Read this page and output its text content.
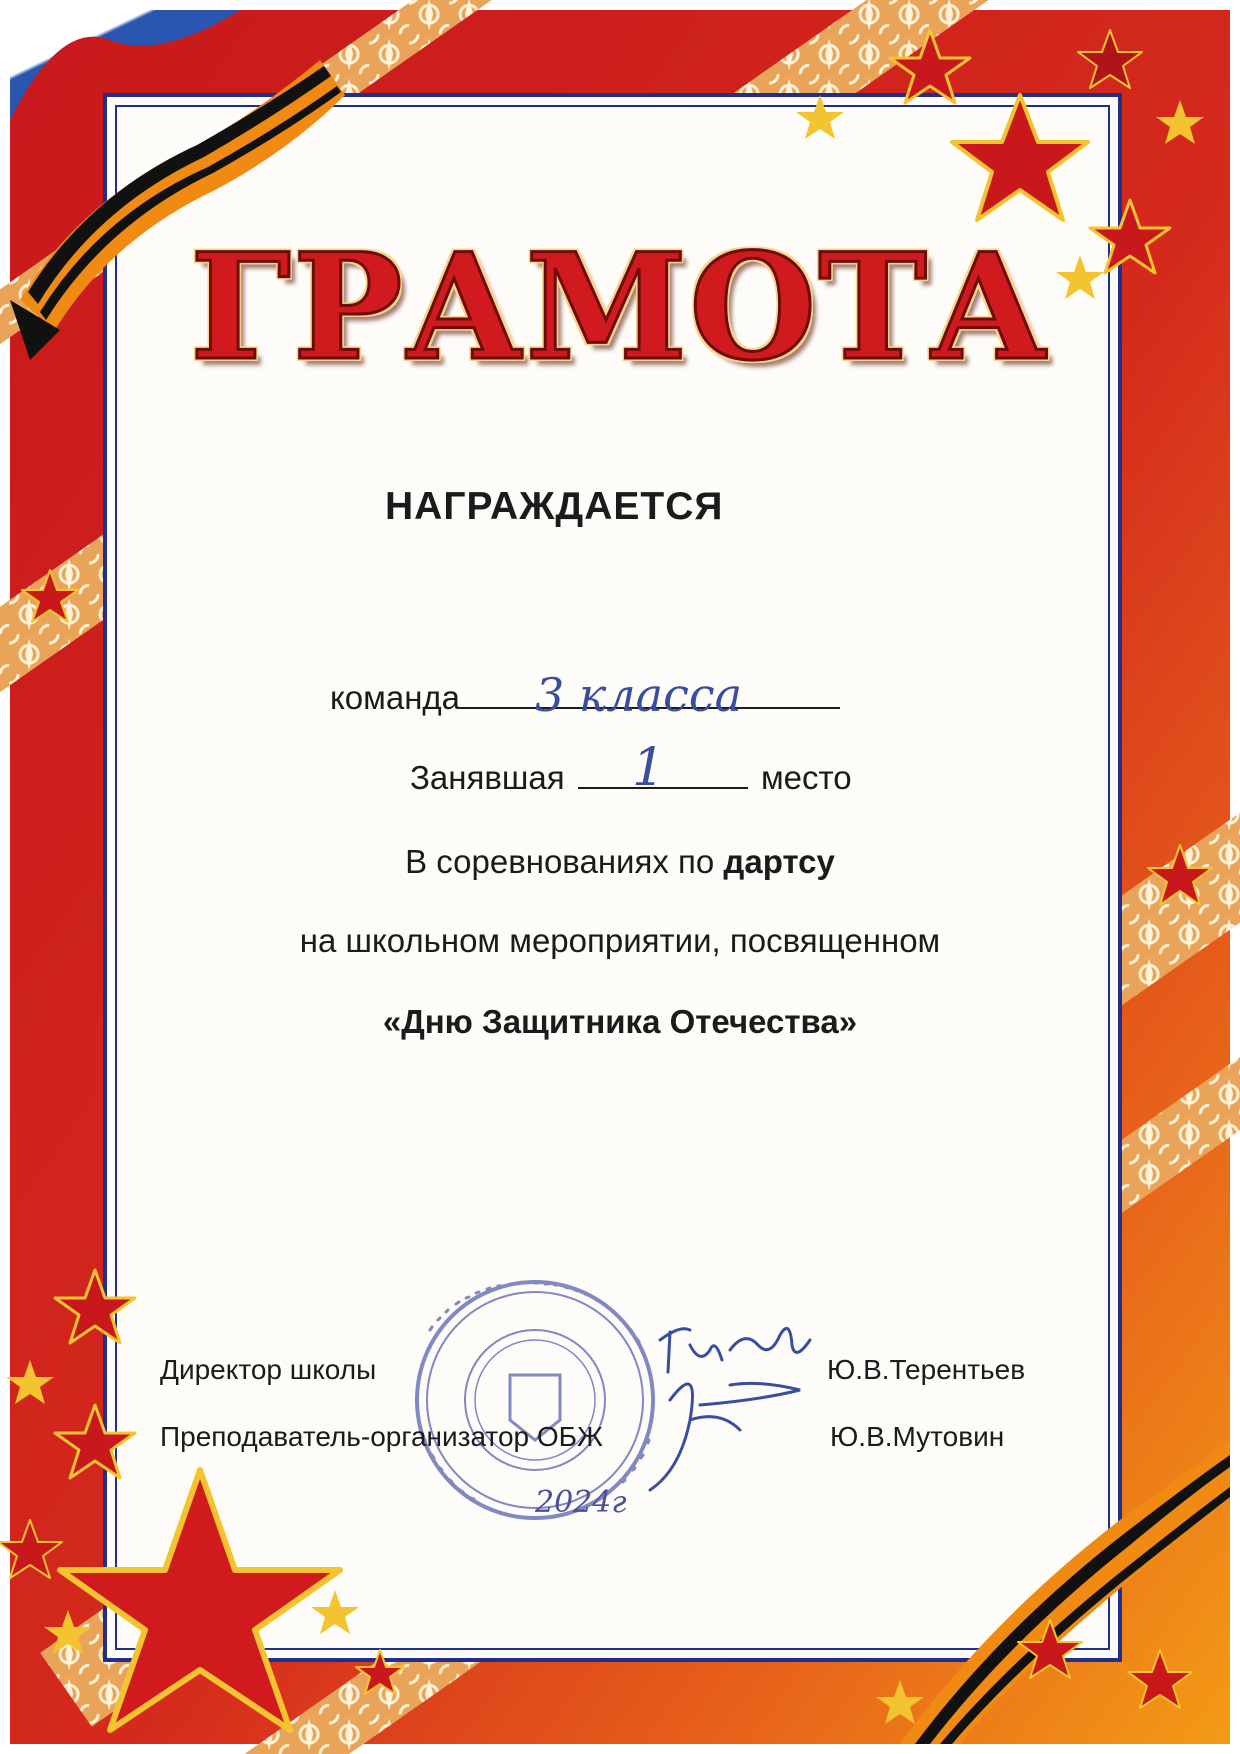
ГРАМОТА
НАГРАЖДАЕТСЯ
команда	3 класса
Занявшая	место
1
В соревнованиях по дартсу
на школьном мероприятии, посвященном
«Дню Защитника Отечества»
Директор школы	Ю.В.Терентьев
Преподаватель-организатор ОБЖ	Ю.В.Мутовин
2024г
